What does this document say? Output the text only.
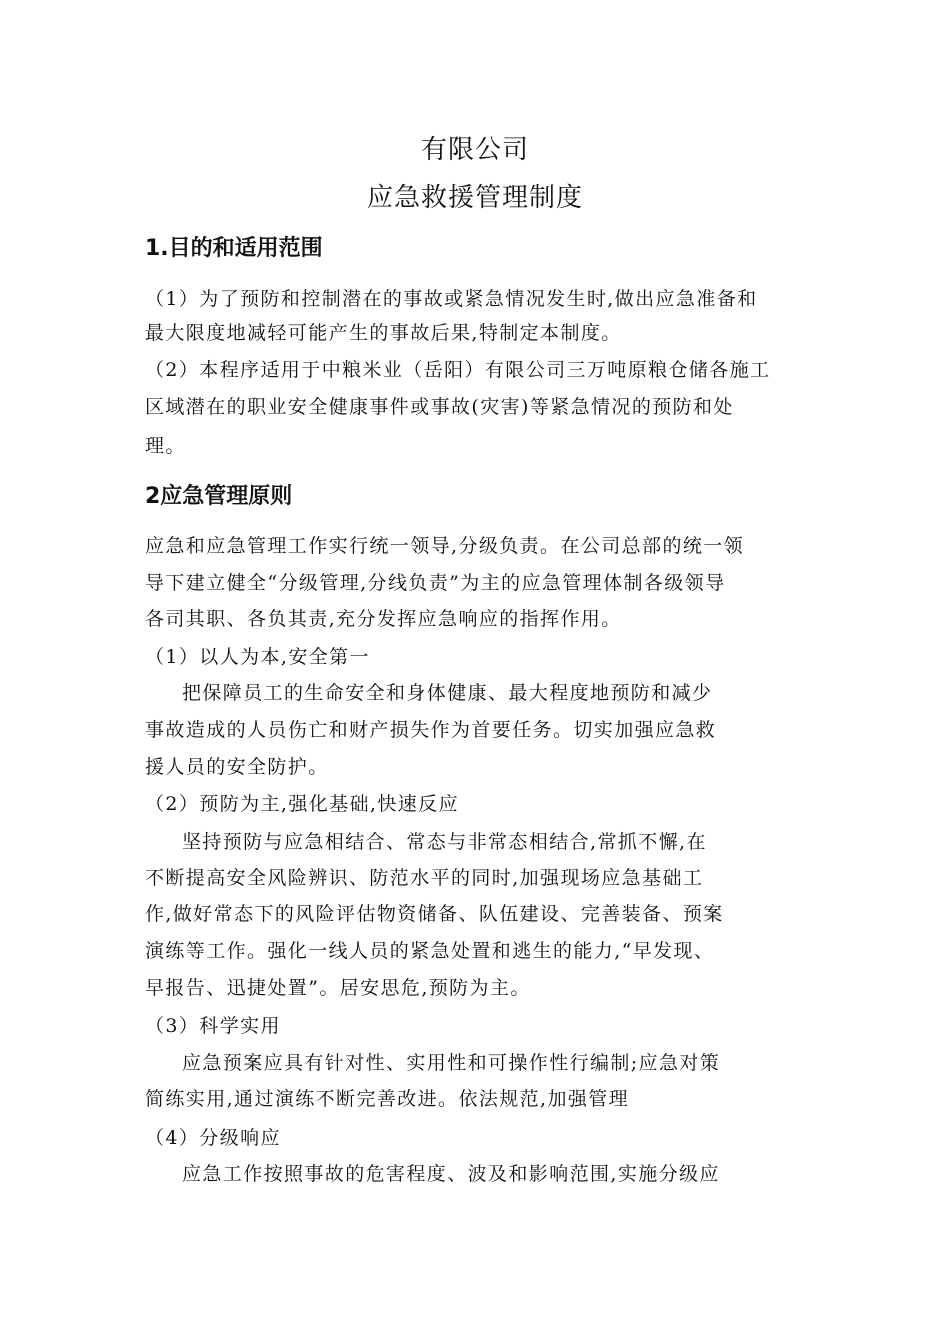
有限公司
应急救援管理制度
1.目的和适用范围
（1）为了预防和控制潜在的事故或紧急情况发生时,做出应急准备和
最大限度地减轻可能产生的事故后果,特制定本制度。
（2）本程序适用于中粮米业（岳阳）有限公司三万吨原粮仓储各施工
区域潜在的职业安全健康事件或事故(灾害)等紧急情况的预防和处
理。
2应急管理原则
应急和应急管理工作实行统一领导,分级负责。在公司总部的统一领
导下建立健全“分级管理,分线负责”为主的应急管理体制各级领导
各司其职、各负其责,充分发挥应急响应的指挥作用。
（1）以人为本,安全第一
把保障员工的生命安全和身体健康、最大程度地预防和减少
事故造成的人员伤亡和财产损失作为首要任务。切实加强应急救
援人员的安全防护。
（2）预防为主,强化基础,快速反应
坚持预防与应急相结合、常态与非常态相结合,常抓不懈,在
不断提高安全风险辨识、防范水平的同时,加强现场应急基础工
作,做好常态下的风险评估物资储备、队伍建设、完善装备、预案
演练等工作。强化一线人员的紧急处置和逃生的能力,“早发现、
早报告、迅捷处置”。居安思危,预防为主。
（3）科学实用
应急预案应具有针对性、实用性和可操作性行编制;应急对策
简练实用,通过演练不断完善改进。依法规范,加强管理
（4）分级响应
应急工作按照事故的危害程度、波及和影响范围,实施分级应
